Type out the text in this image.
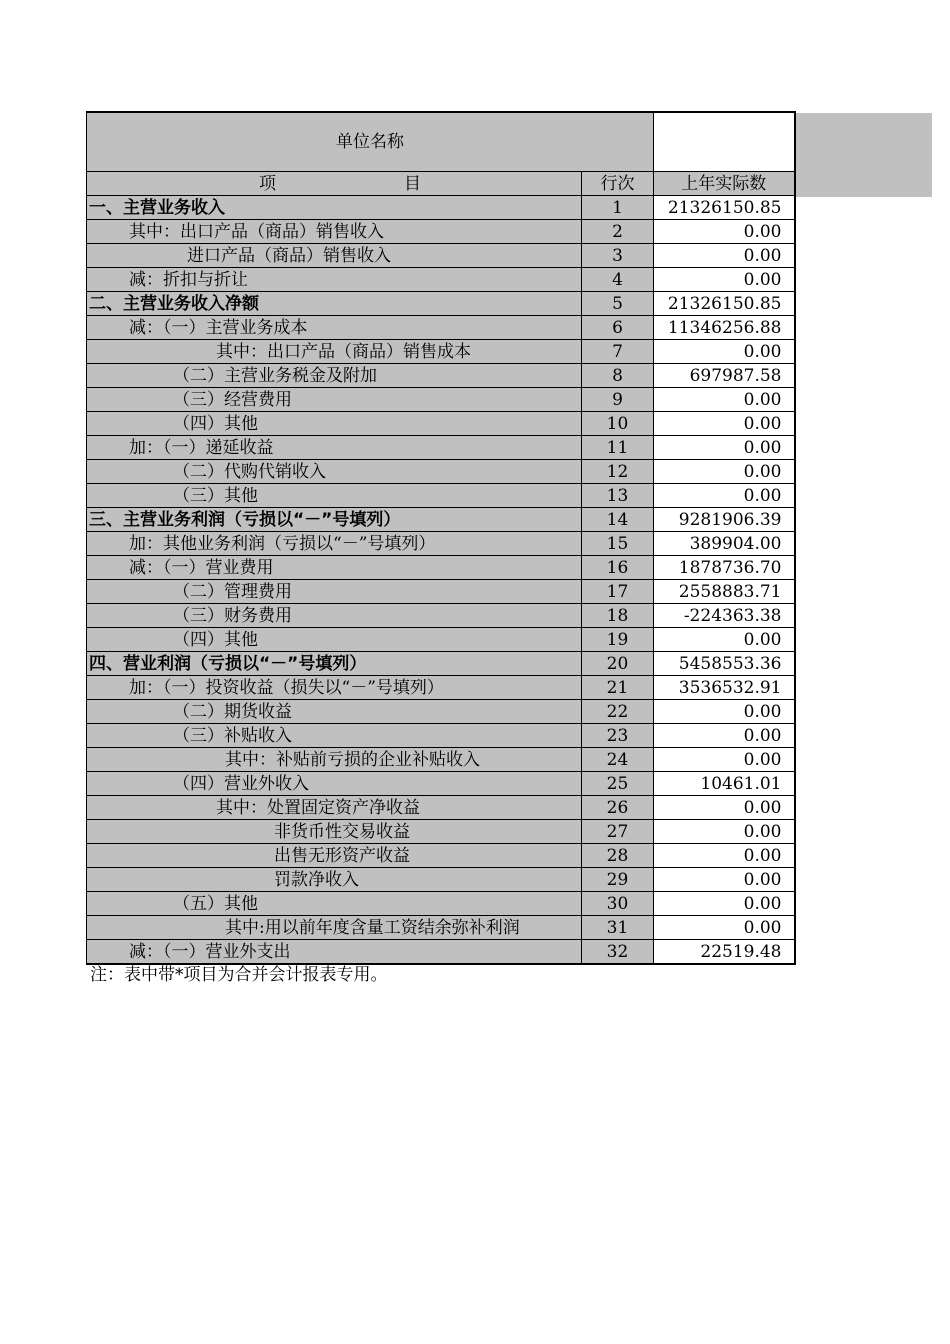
单位名称		
项 目	行次	上年实际数
一、主营业务收入	1	21326150.85
其中：出口产品（商品）销售收入	2	0.00
进口产品（商品）销售收入	3	0.00
减：折扣与折让	4	0.00
二、主营业务收入净额	5	21326150.85
减：（一）主营业务成本	6	11346256.88
其中：出口产品（商品）销售成本	7	0.00
（二）主营业务税金及附加	8	697987.58
（三）经营费用	9	0.00
（四）其他	10	0.00
加：（一）递延收益	11	0.00
（二）代购代销收入	12	0.00
（三）其他	13	0.00
三、主营业务利润（亏损以“－”号填列）	14	9281906.39
加：其他业务利润（亏损以“－”号填列）	15	389904.00
减：（一）营业费用	16	1878736.70
（二）管理费用	17	2558883.71
（三）财务费用	18	-224363.38
（四）其他	19	0.00
四、营业利润（亏损以“－”号填列）	20	5458553.36
加：（一）投资收益（损失以“－”号填列）	21	3536532.91
（二）期货收益	22	0.00
（三）补贴收入	23	0.00
其中：补贴前亏损的企业补贴收入	24	0.00
（四）营业外收入	25	10461.01
其中：处置固定资产净收益	26	0.00
非货币性交易收益	27	0.00
出售无形资产收益	28	0.00
罚款净收入	29	0.00
（五）其他	30	0.00
其中:用以前年度含量工资结余弥补利润	31	0.00
减：（一）营业外支出	32	22519.48
注：表中带*项目为合并会计报表专用。
